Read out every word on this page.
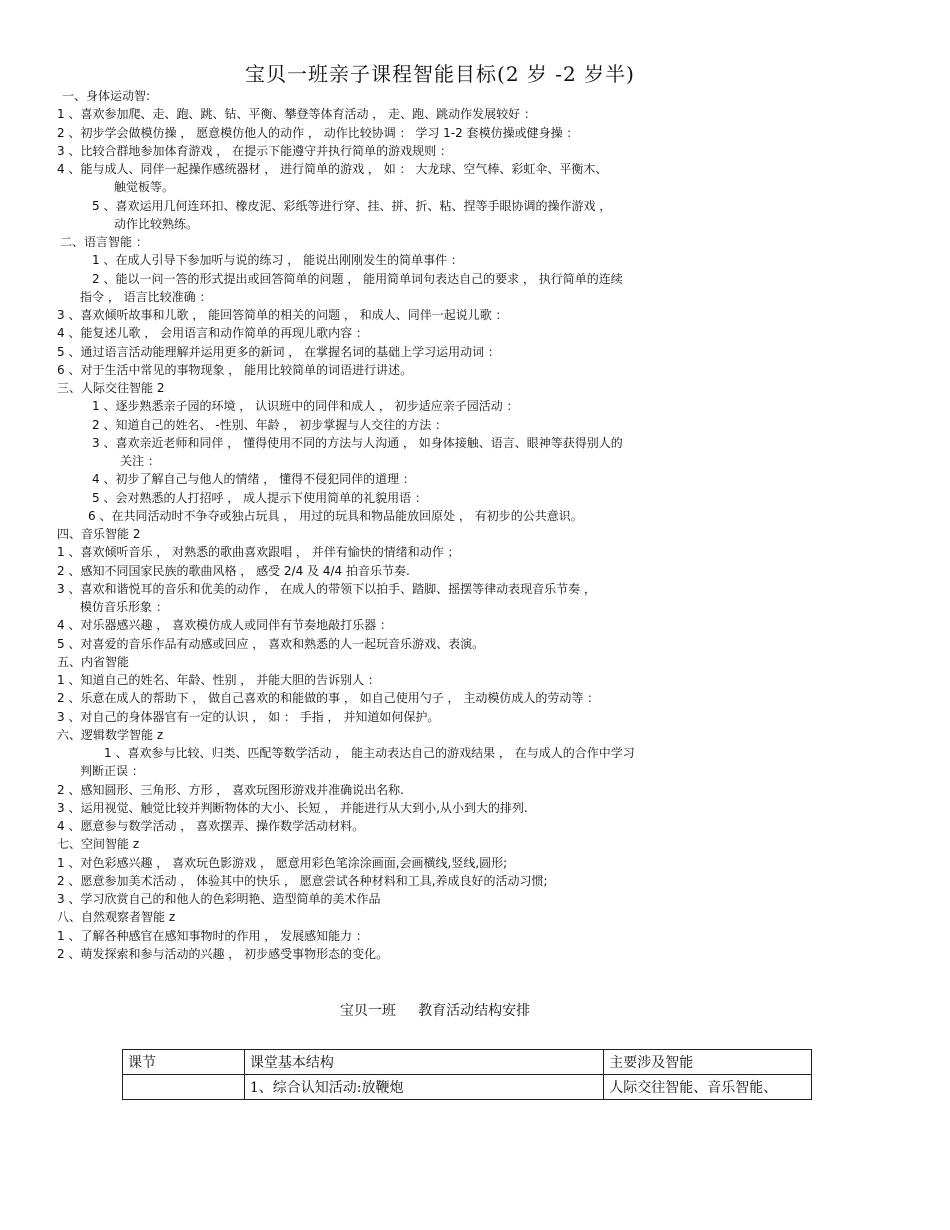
宝贝一班亲子课程智能目标(2 岁 -2 岁半)
一、身体运动智:
1 、喜欢参加爬、走、跑、跳、钻、平衡、攀登等体育活动 ， 走、跑、跳动作发展较好 ：
2 、初步学会做模仿操 ， 愿意模仿他人的动作 ， 动作比较协调 ： 学习 1-2 套模仿操或健身操 ：
3 、比较合群地参加体育游戏 ， 在提示下能遵守并执行简单的游戏规则 ：
4 、能与成人、同伴一起操作感统器材 ， 进行简单的游戏 ， 如 ： 大龙球、空气棒、彩虹伞、平衡木、
触觉板等。
5 、喜欢运用几何连环扣、橡皮泥、彩纸等进行穿、挂、拼、折、粘、捏等手眼协调的操作游戏 ，
动作比较熟练。
二、语言智能 ：
1 、在成人引导下参加听与说的练习 ， 能说出刚刚发生的简单事件 ：
2 、能以一问一答的形式提出或回答简单的问题 ， 能用简单词句表达自己的要求 ， 执行简单的连续
指令 ， 语言比较准确 ：
3 、喜欢倾听故事和儿歌 ， 能回答简单的相关的问题 ， 和成人、同伴一起说儿歌 ：
4 、能复述儿歌 ， 会用语言和动作简单的再现儿歌内容 ：
5 、通过语言活动能理解并运用更多的新词 ， 在掌握名词的基础上学习运用动词 ：
6 、对于生活中常见的事物现象 ， 能用比较简单的词语进行讲述。
三、人际交往智能 2
1 、逐步熟悉亲子园的环境 ， 认识班中的同伴和成人 ， 初步适应亲子园活动 ：
2 、知道自己的姓名、 -性别、年龄 ， 初步掌握与人交往的方法 ：
3 、喜欢亲近老师和同伴 ， 懂得使用不同的方法与人沟通 ， 如身体接触、语言、眼神等获得别人的
关注 ：
4 、初步了解自己与他人的情绪 ， 懂得不侵犯同伴的道理 ：
5 、会对熟悉的人打招呼 ， 成人提示下使用简单的礼貌用语 ：
6 、在共同活动时不争夺或独占玩具 ， 用过的玩具和物品能放回原处 ， 有初步的公共意识。
四、音乐智能 2
1 、喜欢倾听音乐 ， 对熟悉的歌曲喜欢跟唱 ， 并伴有愉快的情绪和动作 ；
2 、感知不同国家民族的歌曲风格 ， 感受 2/4 及 4/4 拍音乐节奏.
3 、喜欢和谐悦耳的音乐和优美的动作 ， 在成人的带领下以拍手、踏脚、摇摆等律动表现音乐节奏 ，
模仿音乐形象 ：
4 、对乐器感兴趣 ， 喜欢模仿成人或同伴有节奏地敲打乐器 ：
5 、对喜爱的音乐作品有动感或回应 ， 喜欢和熟悉的人一起玩音乐游戏、表演。
五、内省智能
1 、知道自己的姓名、年龄、性别 ， 并能大胆的告诉别人 ：
2 、乐意在成人的帮助下 ， 做自己喜欢的和能做的事 ， 如自己使用勺子 ， 主动模仿成人的劳动等 ：
3 、对自己的身体器官有一定的认识 ， 如 ： 手指 ， 并知道如何保护。
六、逻辑数学智能 z
1 、喜欢参与比较、归类、匹配等数学活动 ， 能主动表达自己的游戏结果 ， 在与成人的合作中学习
判断正误 ：
2 、感知圆形、三角形、方形 ， 喜欢玩图形游戏并准确说出名称.
3 、运用视觉、触觉比较并判断物体的大小、长短 ， 并能进行从大到小,从小到大的排列.
4 、愿意参与数学活动 ， 喜欢摆弄、操作数学活动材料。
七、空间智能 z
1 、对色彩感兴趣 ， 喜欢玩色影游戏 ， 愿意用彩色笔涂涂画面,会画横线,竖线,圆形;
2 、愿意参加美术活动 ， 体验其中的快乐 ， 愿意尝试各种材料和工具,养成良好的活动习惯;
3 、学习欣赏自己的和他人的色彩明艳、造型简单的美术作品
八、自然观察者智能 z
1 、了解各种感官在感知事物时的作用 ， 发展感知能力 ：
2 、萌发探索和参与活动的兴趣 ， 初步感受事物形态的变化。
宝贝一班     教育活动结构安排
课节	课堂基本结构	主要涉及智能
	1、综合认知活动:放鞭炮	人际交往智能、音乐智能、
